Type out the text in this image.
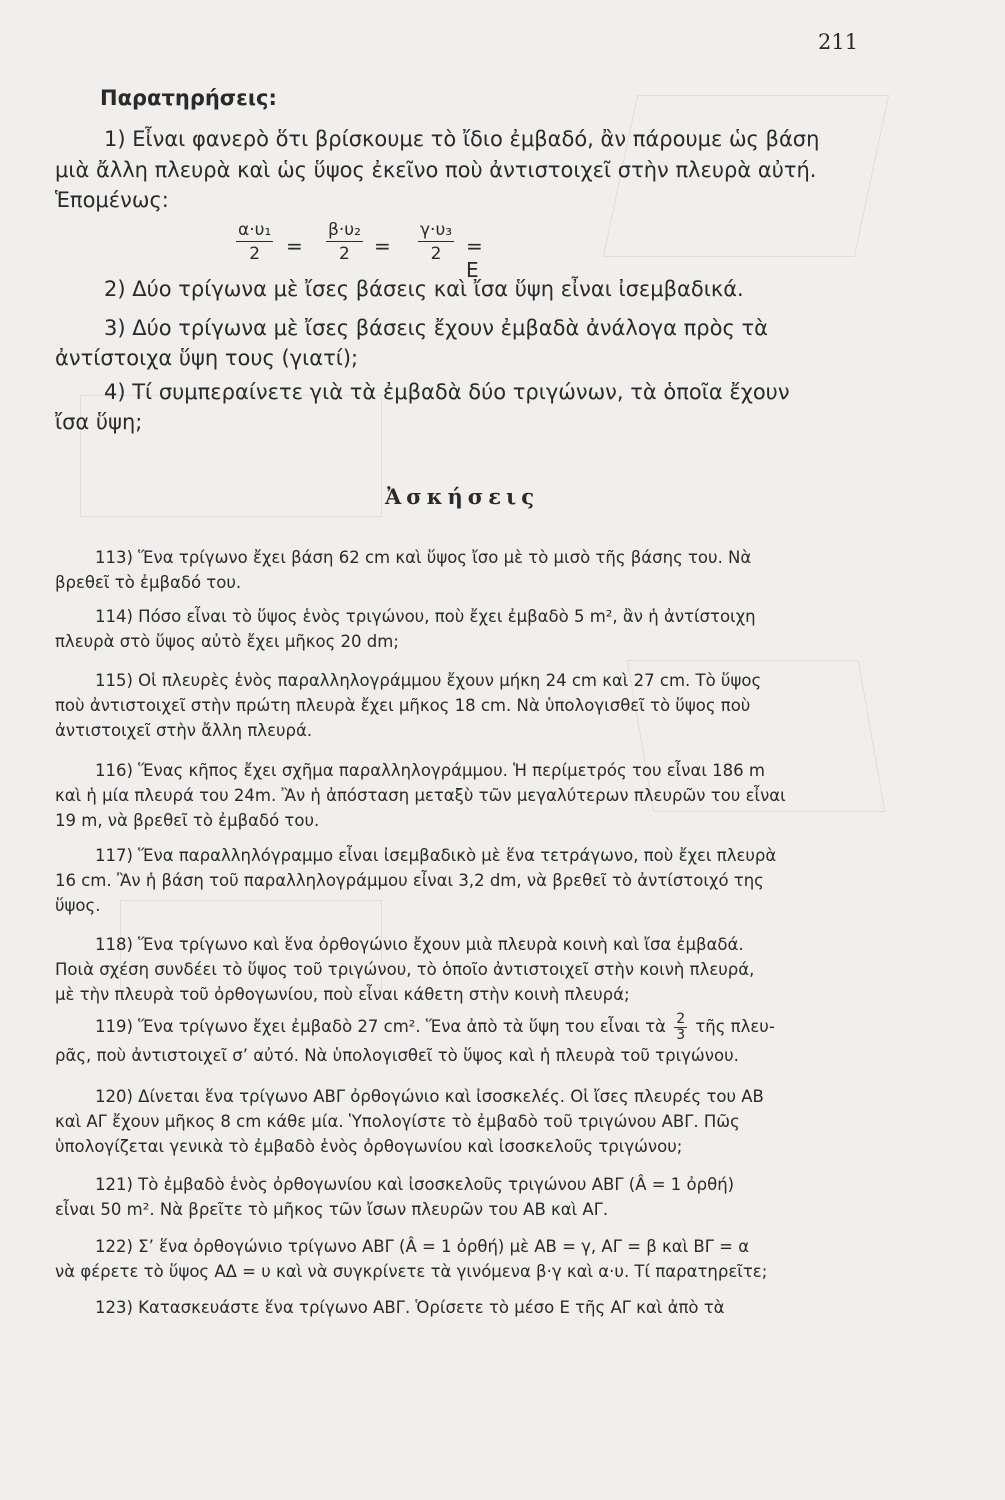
211
Παρατηρήσεις:
1) Εἶναι φανερὸ ὅτι βρίσκουμε τὸ ἴδιο ἐμβαδό, ἂν πάρουμε ὡς βάση
μιὰ ἄλλη πλευρὰ καὶ ὡς ὕψος ἐκεῖνο ποὺ ἀντιστοιχεῖ στὴν πλευρὰ αὐτή.
Ἑπομένως:
$\frac{\text{α·υ₁}}{2} = \frac{\text{β·υ₂}}{2} = \frac{\text{γ·υ₃}}{2} = E$
2) Δύο τρίγωνα μὲ ἴσες βάσεις καὶ ἴσα ὕψη εἶναι ἰσεμβαδικά.
3) Δύο τρίγωνα μὲ ἴσες βάσεις ἔχουν ἐμβαδὰ ἀνάλογα πρὸς τὰ
ἀντίστοιχα ὕψη τους (γιατί);
4) Τί συμπεραίνετε γιὰ τὰ ἐμβαδὰ δύο τριγώνων, τὰ ὁποῖα ἔχουν
ἴσα ὕψη;
Ἀσκήσεις
113) Ἕνα τρίγωνο ἔχει βάση 62 cm καὶ ὕψος ἴσο μὲ τὸ μισὸ τῆς βάσης του. Νὰ
βρεθεῖ τὸ ἐμβαδό του.
114) Πόσο εἶναι τὸ ὕψος ἑνὸς τριγώνου, ποὺ ἔχει ἐμβαδὸ 5 m², ἂν ἡ ἀντίστοιχη
πλευρὰ στὸ ὕψος αὐτὸ ἔχει μῆκος 20 dm;
115) Οἱ πλευρὲς ἑνὸς παραλληλογράμμου ἔχουν μήκη 24 cm καὶ 27 cm. Τὸ ὕψος
ποὺ ἀντιστοιχεῖ στὴν πρώτη πλευρὰ ἔχει μῆκος 18 cm. Νὰ ὑπολογισθεῖ τὸ ὕψος ποὺ
ἀντιστοιχεῖ στὴν ἄλλη πλευρά.
116) Ἕνας κῆπος ἔχει σχῆμα παραλληλογράμμου. Ἡ περίμετρός του εἶναι 186 m
καὶ ἡ μία πλευρά του 24m. Ἂν ἡ ἀπόσταση μεταξὺ τῶν μεγαλύτερων πλευρῶν του εἶναι
19 m, νὰ βρεθεῖ τὸ ἐμβαδό του.
117) Ἕνα παραλληλόγραμμο εἶναι ἰσεμβαδικὸ μὲ ἕνα τετράγωνο, ποὺ ἔχει πλευρὰ
16 cm. Ἂν ἡ βάση τοῦ παραλληλογράμμου εἶναι 3,2 dm, νὰ βρεθεῖ τὸ ἀντίστοιχό της
ὕψος.
118) Ἕνα τρίγωνο καὶ ἕνα ὀρθογώνιο ἔχουν μιὰ πλευρὰ κοινὴ καὶ ἴσα ἐμβαδά.
Ποιὰ σχέση συνδέει τὸ ὕψος τοῦ τριγώνου, τὸ ὁποῖο ἀντιστοιχεῖ στὴν κοινὴ πλευρά,
μὲ τὴν πλευρὰ τοῦ ὀρθογωνίου, ποὺ εἶναι κάθετη στὴν κοινὴ πλευρά;
119) Ἕνα τρίγωνο ἔχει ἐμβαδὸ 27 cm². Ἕνα ἀπὸ τὰ ὕψη του εἶναι τὰ $\frac{2}{3}$ τῆς πλευ-
ρᾶς, ποὺ ἀντιστοιχεῖ σ’ αὐτό. Νὰ ὑπολογισθεῖ τὸ ὕψος καὶ ἡ πλευρὰ τοῦ τριγώνου.
120) Δίνεται ἕνα τρίγωνο ΑΒΓ ὀρθογώνιο καὶ ἰσοσκελές. Οἱ ἴσες πλευρές του ΑΒ
καὶ ΑΓ ἔχουν μῆκος 8 cm κάθε μία. Ὑπολογίστε τὸ ἐμβαδὸ τοῦ τριγώνου ΑΒΓ. Πῶς
ὑπολογίζεται γενικὰ τὸ ἐμβαδὸ ἑνὸς ὀρθογωνίου καὶ ἰσοσκελοῦς τριγώνου;
121) Τὸ ἐμβαδὸ ἑνὸς ὀρθογωνίου καὶ ἰσοσκελοῦς τριγώνου ΑΒΓ (Â = 1 ὀρθή)
εἶναι 50 m². Νὰ βρεῖτε τὸ μῆκος τῶν ἴσων πλευρῶν του ΑΒ καὶ ΑΓ.
122) Σ’ ἕνα ὀρθογώνιο τρίγωνο ΑΒΓ (Â = 1 ὀρθή) μὲ ΑΒ = γ, ΑΓ = β καὶ ΒΓ = α
νὰ φέρετε τὸ ὕψος ΑΔ = υ καὶ νὰ συγκρίνετε τὰ γινόμενα β·γ καὶ α·υ. Τί παρατηρεῖτε;
123) Κατασκευάστε ἕνα τρίγωνο ΑΒΓ. Ὁρίσετε τὸ μέσο Ε τῆς ΑΓ καὶ ἀπὸ τὰ
